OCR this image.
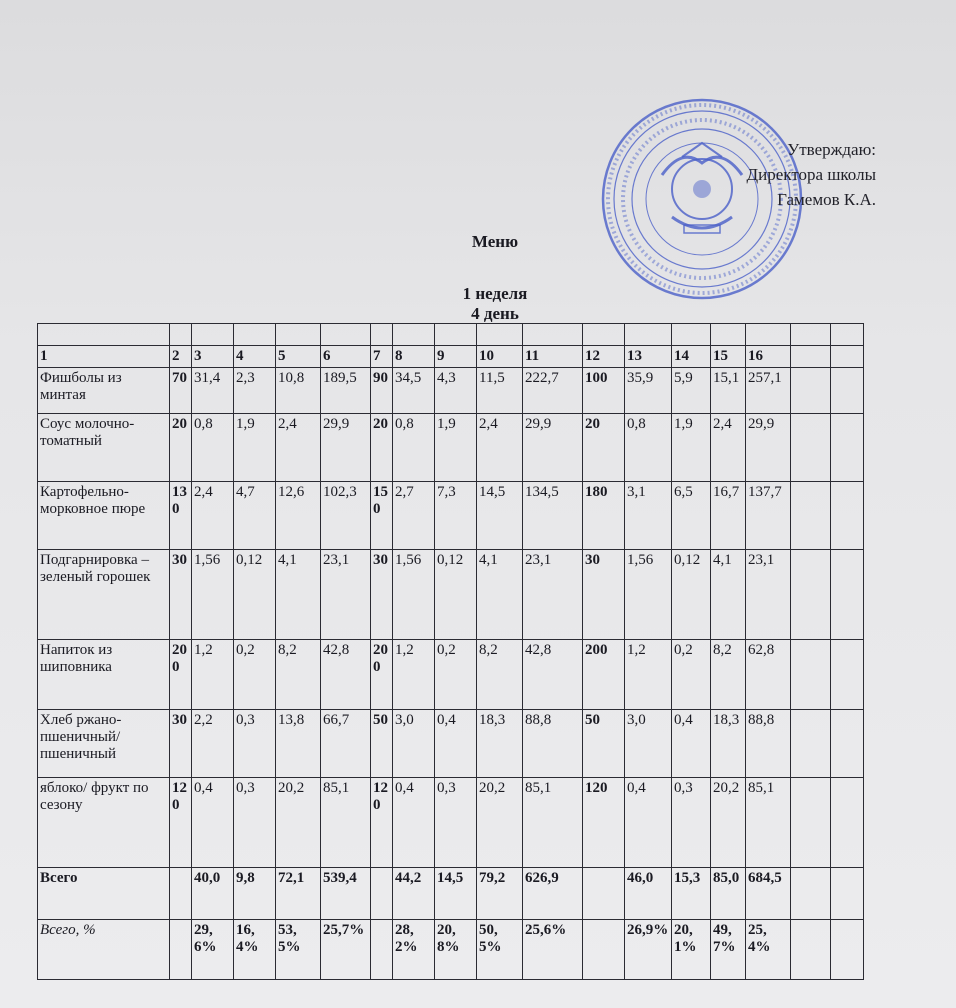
Утверждаю:
Директора школы
Гамемов К.А.
Меню
1 неделя
4 день

1	2	3	4	5	6	7	8	9	10	11	12	13	14	15	16		
Фишболы из минтая	70	31,4	2,3	10,8	189,5	90	34,5	4,3	11,5	222,7	100	35,9	5,9	15,1	257,1		
Соус молочно-томатный	20	0,8	1,9	2,4	29,9	20	0,8	1,9	2,4	29,9	20	0,8	1,9	2,4	29,9		
Картофельно-морковное пюре	130	2,4	4,7	12,6	102,3	150	2,7	7,3	14,5	134,5	180	3,1	6,5	16,7	137,7		
Подгарнировка – зеленый горошек	30	1,56	0,12	4,1	23,1	30	1,56	0,12	4,1	23,1	30	1,56	0,12	4,1	23,1		
Напиток из шиповника	200	1,2	0,2	8,2	42,8	200	1,2	0,2	8,2	42,8	200	1,2	0,2	8,2	62,8		
Хлеб ржано-пшеничный/ пшеничный	30	2,2	0,3	13,8	66,7	50	3,0	0,4	18,3	88,8	50	3,0	0,4	18,3	88,8		
яблоко/ фрукт по сезону	120	0,4	0,3	20,2	85,1	120	0,4	0,3	20,2	85,1	120	0,4	0,3	20,2	85,1		
Всего		40,0	9,8	72,1	539,4		44,2	14,5	79,2	626,9		46,0	15,3	85,0	684,5		
Всего, %		29,6%	16,4%	53,5%	25,7%		28,2%	20,8%	50,5%	25,6%		26,9%	20,1%	49,7%	25,4%		
